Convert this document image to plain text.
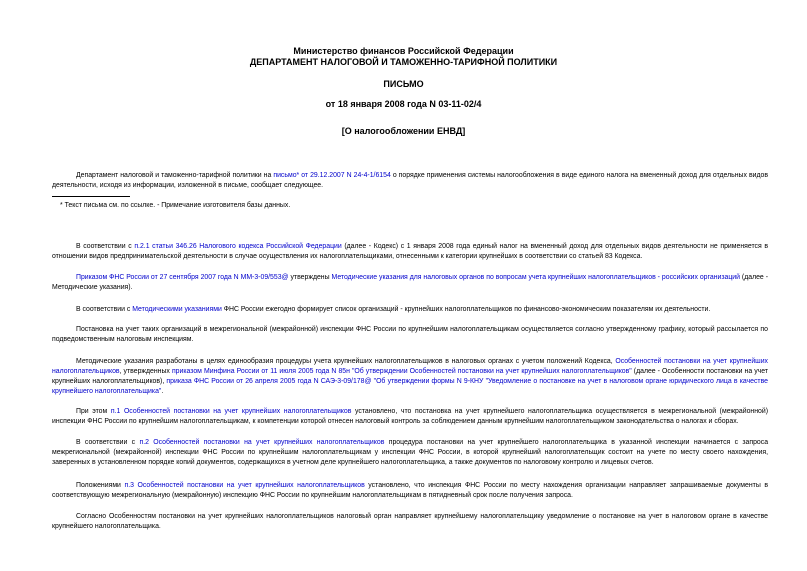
Министерство финансов Российской Федерации
ДЕПАРТАМЕНТ НАЛОГОВОЙ И ТАМОЖЕННО-ТАРИФНОЙ ПОЛИТИКИ
ПИСЬМО
от 18 января 2008 года N 03-11-02/4
[О налогообложении ЕНВД]
Департамент налоговой и таможенно-тарифной политики на письмо* от 29.12.2007 N 24-4-1/6154 о порядке применения системы налогообложения в виде единого налога на вмененный доход для отдельных видов деятельности, исходя из информации, изложенной в письме, сообщает следующее.
* Текст письма см. по ссылке. - Примечание изготовителя базы данных.
В соответствии с п.2.1 статьи 346.26 Налогового кодекса Российской Федерации (далее - Кодекс) с 1 января 2008 года единый налог на вмененный доход для отдельных видов деятельности не применяется в отношении видов предпринимательской деятельности в случае осуществления их налогоплательщиками, отнесенными к категории крупнейших в соответствии со статьей 83 Кодекса.
Приказом ФНС России от 27 сентября 2007 года N ММ-3-09/553@ утверждены Методические указания для налоговых органов по вопросам учета крупнейших налогоплательщиков - российских организаций (далее - Методические указания).
В соответствии с Методическими указаниями ФНС России ежегодно формирует список организаций - крупнейших налогоплательщиков по финансово-экономическим показателям их деятельности.
Постановка на учет таких организаций в межрегиональной (межрайонной) инспекции ФНС России по крупнейшим налогоплательщикам осуществляется согласно утвержденному графику, который рассылается по подведомственным налоговым инспекциям.
Методические указания разработаны в целях единообразия процедуры учета крупнейших налогоплательщиков в налоговых органах с учетом положений Кодекса, Особенностей постановки на учет крупнейших налогоплательщиков, утвержденных приказом Минфина России от 11 июля 2005 года N 85н "Об утверждении Особенностей постановки на учет крупнейших налогоплательщиков" (далее - Особенности постановки на учет крупнейших налогоплательщиков), приказа ФНС России от 26 апреля 2005 года N САЭ-3-09/178@ "Об утверждении формы N 9-КНУ "Уведомление о постановке на учет в налоговом органе юридического лица в качестве крупнейшего налогоплательщика".
При этом п.1 Особенностей постановки на учет крупнейших налогоплательщиков установлено, что постановка на учет крупнейшего налогоплательщика осуществляется в межрегиональной (межрайонной) инспекции ФНС России по крупнейшим налогоплательщикам, к компетенции которой отнесен налоговый контроль за соблюдением данным крупнейшим налогоплательщиком законодательства о налогах и сборах.
В соответствии с п.2 Особенностей постановки на учет крупнейших налогоплательщиков процедура постановки на учет крупнейшего налогоплательщика в указанной инспекции начинается с запроса межрегиональной (межрайонной) инспекции ФНС России по крупнейшим налогоплательщикам у инспекции ФНС России, в которой крупнейший налогоплательщик состоит на учете по месту своего нахождения, заверенных в установленном порядке копий документов, содержащихся в учетном деле крупнейшего налогоплательщика, а также документов по налоговому контролю и лицевых счетов.
Положениями п.3 Особенностей постановки на учет крупнейших налогоплательщиков установлено, что инспекция ФНС России по месту нахождения организации направляет запрашиваемые документы в соответствующую межрегиональную (межрайонную) инспекцию ФНС России по крупнейшим налогоплательщикам в пятидневный срок после получения запроса.
Согласно Особенностям постановки на учет крупнейших налогоплательщиков налоговый орган направляет крупнейшему налогоплательщику уведомление о постановке на учет в налоговом органе в качестве крупнейшего налогоплательщика.
